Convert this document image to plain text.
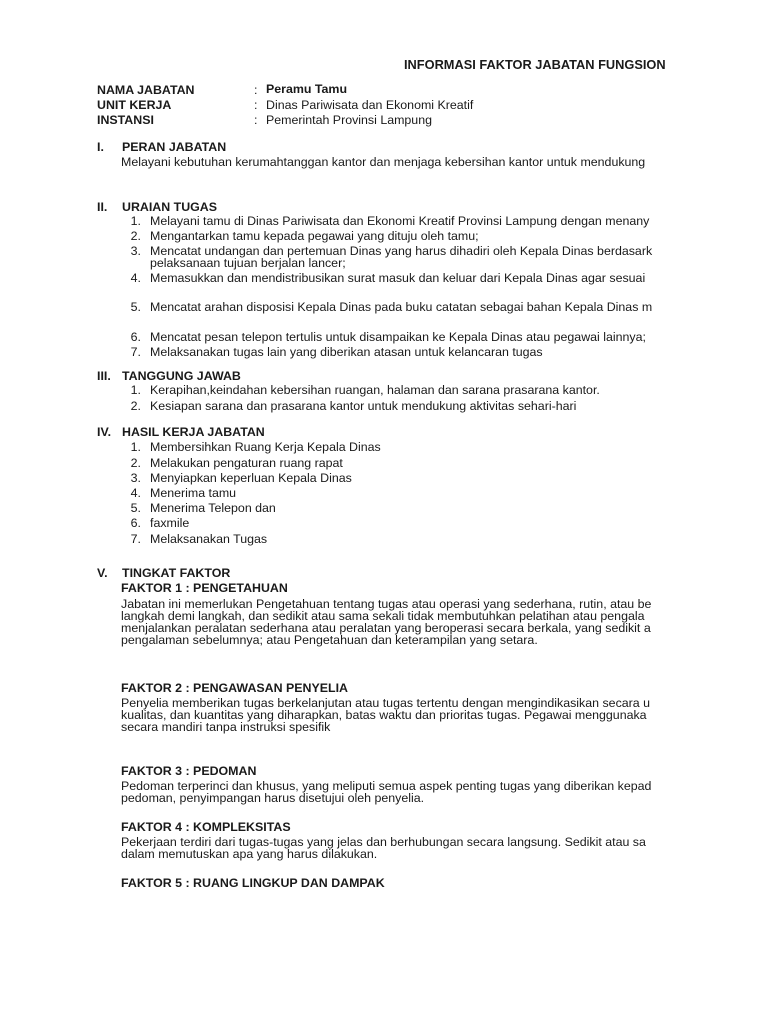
INFORMASI FAKTOR JABATAN FUNGSION
NAMA JABATAN	: Peramu Tamu
UNIT KERJA	: Dinas Pariwisata dan Ekonomi Kreatif
INSTANSI	: Pemerintah Provinsi Lampung
I. PERAN JABATAN
Melayani kebutuhan kerumahtanggan kantor dan menjaga kebersihan kantor untuk mendukung
II. URAIAN TUGAS
1. Melayani tamu di Dinas Pariwisata dan Ekonomi Kreatif Provinsi Lampung dengan menany
2. Mengantarkan tamu kepada pegawai yang dituju oleh tamu;
3. Mencatat undangan dan pertemuan Dinas yang harus dihadiri oleh Kepala Dinas berdasark
pelaksanaan tujuan berjalan lancer;
4. Memasukkan dan mendistribusikan surat masuk dan keluar dari Kepala Dinas agar sesuai
5. Mencatat arahan disposisi Kepala Dinas pada buku catatan sebagai bahan Kepala Dinas m
6. Mencatat pesan telepon tertulis untuk disampaikan ke Kepala Dinas atau pegawai lainnya;
7. Melaksanakan tugas lain yang diberikan atasan untuk kelancaran tugas
III. TANGGUNG JAWAB
1. Kerapihan,keindahan kebersihan ruangan, halaman dan sarana prasarana kantor.
2. Kesiapan sarana dan prasarana kantor untuk mendukung aktivitas sehari-hari
IV. HASIL KERJA JABATAN
1. Membersihkan Ruang Kerja Kepala Dinas
2. Melakukan pengaturan ruang rapat
3. Menyiapkan keperluan Kepala Dinas
4. Menerima tamu
5. Menerima Telepon dan
6. faxmile
7. Melaksanakan Tugas
V. TINGKAT FAKTOR
FAKTOR 1 : PENGETAHUAN
Jabatan ini memerlukan Pengetahuan tentang tugas atau operasi yang sederhana, rutin, atau be
langkah demi langkah, dan sedikit atau sama sekali tidak membutuhkan pelatihan atau pengala
menjalankan peralatan sederhana atau peralatan yang beroperasi secara berkala, yang sedikit a
pengalaman sebelumnya; atau Pengetahuan dan keterampilan yang setara.
FAKTOR 2 : PENGAWASAN PENYELIA
Penyelia memberikan tugas berkelanjutan atau tugas tertentu dengan mengindikasikan secara u
kualitas, dan kuantitas yang diharapkan, batas waktu dan prioritas tugas. Pegawai menggunaka
secara mandiri tanpa instruksi spesifik
FAKTOR 3 : PEDOMAN
Pedoman terperinci dan khusus, yang meliputi semua aspek penting tugas yang diberikan kepad
pedoman, penyimpangan harus disetujui oleh penyelia.
FAKTOR 4 : KOMPLEKSITAS
Pekerjaan terdiri dari tugas-tugas yang jelas dan berhubungan secara langsung. Sedikit atau sa
dalam memutuskan apa yang harus dilakukan.
FAKTOR 5 : RUANG LINGKUP DAN DAMPAK
